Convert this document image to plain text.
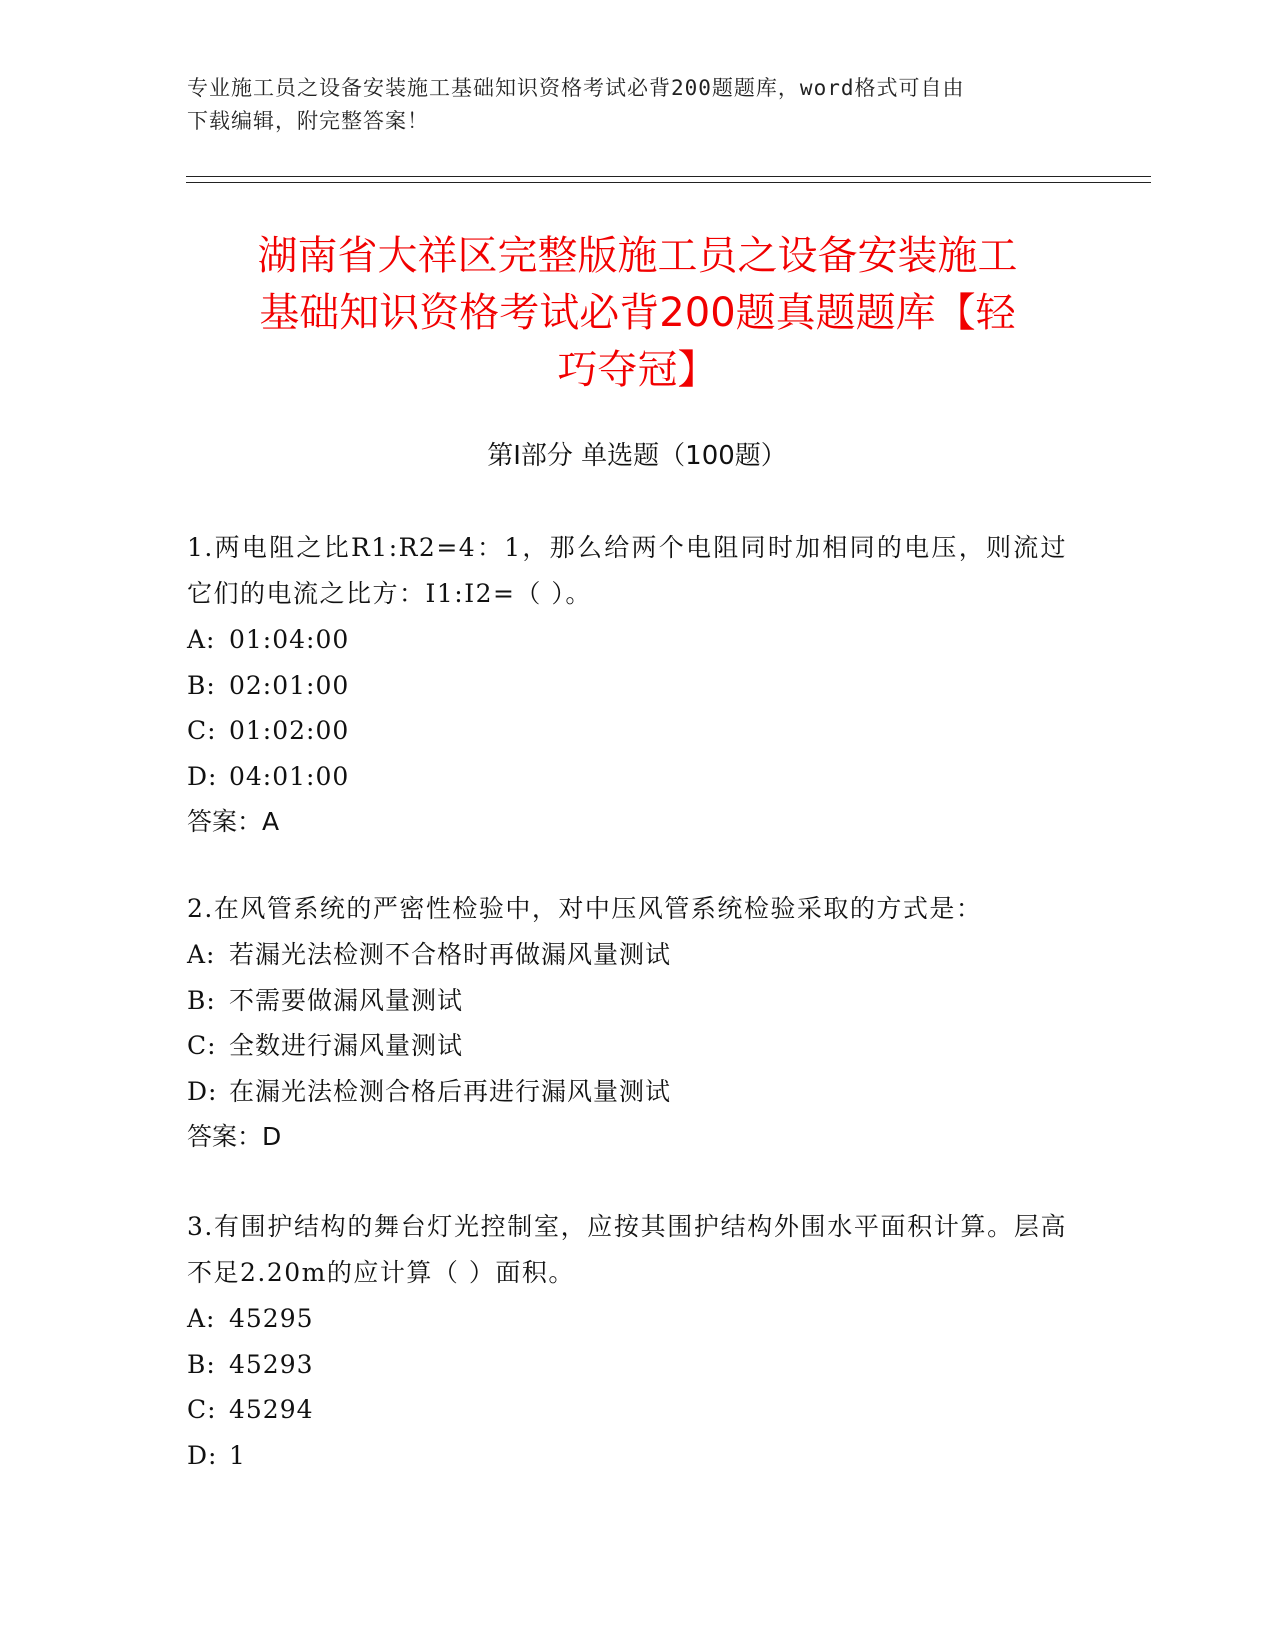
专业施工员之设备安装施工基础知识资格考试必背200题题库，word格式可自由
下载编辑，附完整答案！

湖南省大祥区完整版施工员之设备安装施工
基础知识资格考试必背200题真题题库【轻
巧夺冠】
第I部分 单选题（100题）

1.两电阻之比R1:R2=4：1，那么给两个电阻同时加相同的电压，则流过它们的电流之比方：I1:I2=（ ）。

A: 01:04:00

B: 02:01:00

C: 01:02:00

D: 04:01:00

答案：A

2.在风管系统的严密性检验中，对中压风管系统检验采取的方式是：

A: 若漏光法检测不合格时再做漏风量测试

B: 不需要做漏风量测试

C: 全数进行漏风量测试

D: 在漏光法检测合格后再进行漏风量测试

答案：D

3.有围护结构的舞台灯光控制室，应按其围护结构外围水平面积计算。层高不足2.20m的应计算（ ）面积。

A: 45295

B: 45293

C: 45294

D: 1
